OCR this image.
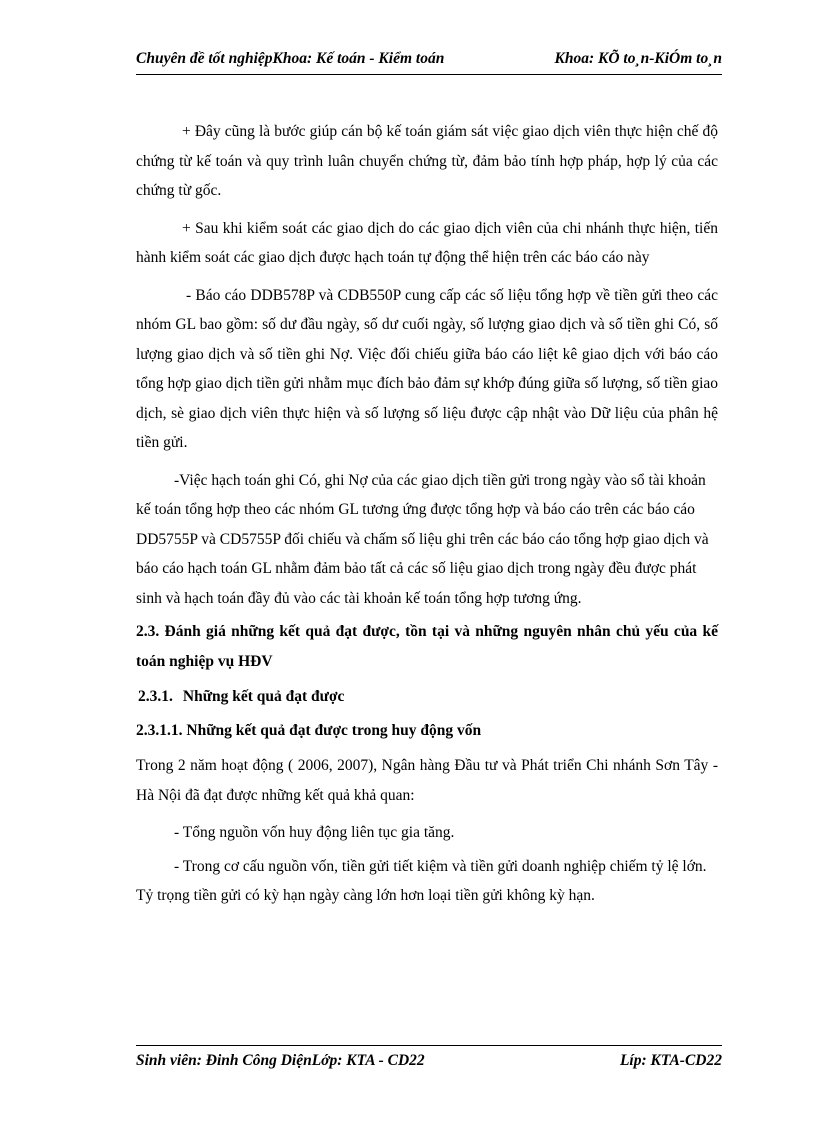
Chuyên đề tốt nghiệpKhoa: Kế toán - Kiểm toán	Khoa: KÕ to¸n-KiÓm to¸n

+ Đây cũng là bước giúp cán bộ kế toán giám sát việc giao dịch viên thực hiện chế độ chứng từ kế toán và quy trình luân chuyển chứng từ, đảm bảo tính hợp pháp, hợp lý của các chứng từ gốc.

+ Sau khi kiểm soát các giao dịch do các giao dịch viên của chi nhánh thực hiện, tiến hành kiểm soát các giao dịch được hạch toán tự động thể hiện trên các báo cáo này

- Báo cáo DDB578P và CDB550P cung cấp các số liệu tổng hợp về tiền gửi theo các nhóm GL bao gồm: số dư đầu ngày, số dư cuối ngày, số lượng giao dịch và số tiền ghi Có, số lượng giao dịch và số tiền ghi Nợ. Việc đối chiếu giữa báo cáo liệt kê giao dịch với báo cáo tổng hợp giao dịch tiền gửi nhằm mục đích bảo đảm sự khớp đúng giữa số lượng, số tiền giao dịch, sè giao dịch viên thực hiện và số lượng số liệu được cập nhật vào Dữ liệu của phân hệ tiền gửi.

-Việc hạch toán ghi Có, ghi Nợ của các giao dịch tiền gửi trong ngày vào sổ tài khoản kế toán tổng hợp theo các nhóm GL tương ứng được tổng hợp và báo cáo trên các báo cáo DD5755P và CD5755P đối chiếu và chấm số liệu ghi trên các báo cáo tổng hợp giao dịch và báo cáo hạch toán GL nhằm đảm bảo tất cả các số liệu giao dịch trong ngày đều được phát sinh và hạch toán đầy đủ vào các tài khoản kế toán tổng hợp tương ứng.

2.3. Đánh giá những kết quả đạt được, tồn tại và những nguyên nhân chủ yếu của kế toán nghiệp vụ HĐV
2.3.1. Những kết quả đạt được
2.3.1.1. Những kết quả đạt được trong huy động vốn

Trong 2 năm hoạt động ( 2006, 2007), Ngân hàng Đầu tư và Phát triển Chi nhánh Sơn Tây - Hà Nội đã đạt được những kết quả khả quan:

- Tổng nguồn vốn huy động liên tục gia tăng.

- Trong cơ cấu nguồn vốn, tiền gửi tiết kiệm và tiền gửi doanh nghiệp chiếm tỷ lệ lớn. Tỷ trọng tiền gửi có kỳ hạn ngày càng lớn hơn loại tiền gửi không kỳ hạn.

Sinh viên: Đinh Công DiệnLớp: KTA - CD22	Líp: KTA-CD22
